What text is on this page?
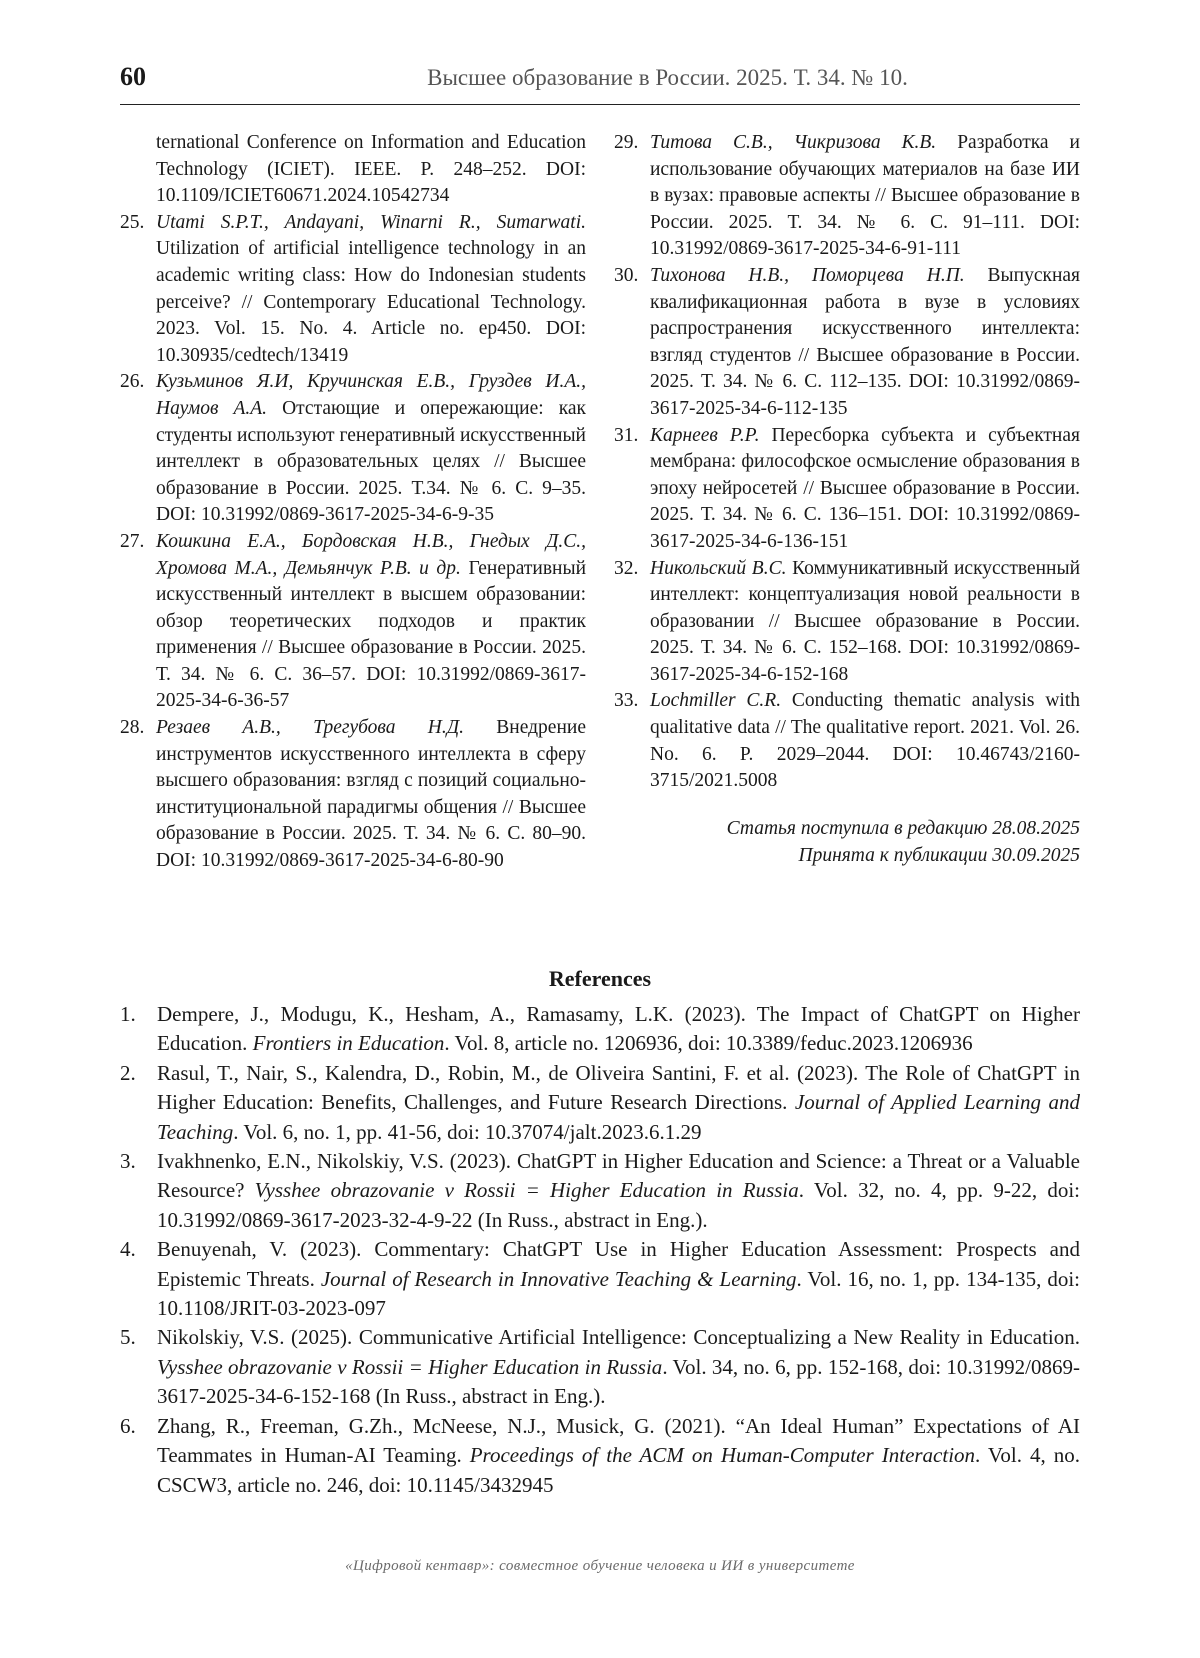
60	Высшее образование в России. 2025. Т. 34. № 10.

ternational Conference on Information and Education Technology (ICIET). IEEE. P. 248–252. DOI: 10.1109/ICIET60671.2024.10542734

25. Utami S.P.T., Andayani, Winarni R., Sumarwati. Utilization of artificial intelligence technology in an academic writing class: How do Indonesian students perceive? // Contemporary Educational Technology. 2023. Vol. 15. No. 4. Article no. ep450. DOI: 10.30935/cedtech/13419

26. Кузьминов Я.И, Кручинская Е.В., Груздев И.А., Наумов А.А. Отстающие и опережающие: как студенты используют генеративный искусственный интеллект в образовательных целях // Высшее образование в России. 2025. Т.34. № 6. С. 9–35. DOI: 10.31992/0869-3617-2025-34-6-9-35

27. Кошкина Е.А., Бордовская Н.В., Гнедых Д.С., Хромова М.А., Демьянчук Р.В. и др. Генеративный искусственный интеллект в высшем образовании: обзор теоретических подходов и практик применения // Высшее образование в России. 2025. Т. 34. № 6. С. 36–57. DOI: 10.31992/0869-3617-2025-34-6-36-57

28. Резаев А.В., Трегубова Н.Д. Внедрение инструментов искусственного интеллекта в сферу высшего образования: взгляд с позиций социально-институциональной парадигмы общения // Высшее образование в России. 2025. Т. 34. № 6. С. 80–90. DOI: 10.31992/0869-3617-2025-34-6-80-90

29. Титова С.В., Чикризова К.В. Разработка и использование обучающих материалов на базе ИИ в вузах: правовые аспекты // Высшее образование в России. 2025. Т. 34. № 6. С. 91–111. DOI: 10.31992/0869-3617-2025-34-6-91-111

30. Тихонова Н.В., Поморцева Н.П. Выпускная квалификационная работа в вузе в условиях распространения искусственного интеллекта: взгляд студентов // Высшее образование в России. 2025. Т. 34. № 6. С. 112–135. DOI: 10.31992/0869-3617-2025-34-6-112-135

31. Карнеев Р.Р. Пересборка субъекта и субъектная мембрана: философское осмысление образования в эпоху нейросетей // Высшее образование в России. 2025. Т. 34. № 6. С. 136–151. DOI: 10.31992/0869-3617-2025-34-6-136-151

32. Никольский В.С. Коммуникативный искусственный интеллект: концептуализация новой реальности в образовании // Высшее образование в России. 2025. Т. 34. № 6. С. 152–168. DOI: 10.31992/0869-3617-2025-34-6-152-168

33. Lochmiller C.R. Conducting thematic analysis with qualitative data // The qualitative report. 2021. Vol. 26. No. 6. P. 2029–2044. DOI: 10.46743/2160-3715/2021.5008

Статья поступила в редакцию 28.08.2025
Принята к публикации 30.09.2025
References

1. Dempere, J., Modugu, K., Hesham, A., Ramasamy, L.K. (2023). The Impact of ChatGPT on Higher Education. Frontiers in Education. Vol. 8, article no. 1206936, doi: 10.3389/feduc.2023.1206936

2. Rasul, T., Nair, S., Kalendra, D., Robin, M., de Oliveira Santini, F. et al. (2023). The Role of ChatGPT in Higher Education: Benefits, Challenges, and Future Research Directions. Journal of Applied Learning and Teaching. Vol. 6, no. 1, pp. 41-56, doi: 10.37074/jalt.2023.6.1.29

3. Ivakhnenko, E.N., Nikolskiy, V.S. (2023). ChatGPT in Higher Education and Science: a Threat or a Valuable Resource? Vysshee obrazovanie v Rossii = Higher Education in Russia. Vol. 32, no. 4, pp. 9-22, doi: 10.31992/0869-3617-2023-32-4-9-22 (In Russ., abstract in Eng.).

4. Benuyenah, V. (2023). Commentary: ChatGPT Use in Higher Education Assessment: Prospects and Epistemic Threats. Journal of Research in Innovative Teaching & Learning. Vol. 16, no. 1, pp. 134-135, doi: 10.1108/JRIT-03-2023-097

5. Nikolskiy, V.S. (2025). Communicative Artificial Intelligence: Conceptualizing a New Reality in Education. Vysshee obrazovanie v Rossii = Higher Education in Russia. Vol. 34, no. 6, pp. 152-168, doi: 10.31992/0869-3617-2025-34-6-152-168 (In Russ., abstract in Eng.).

6. Zhang, R., Freeman, G.Zh., McNeese, N.J., Musick, G. (2021). “An Ideal Human” Expectations of AI Teammates in Human-AI Teaming. Proceedings of the ACM on Human-Computer Interaction. Vol. 4, no. CSCW3, article no. 246, doi: 10.1145/3432945

«Цифровой кентавр»: совместное обучение человека и ИИ в университете
